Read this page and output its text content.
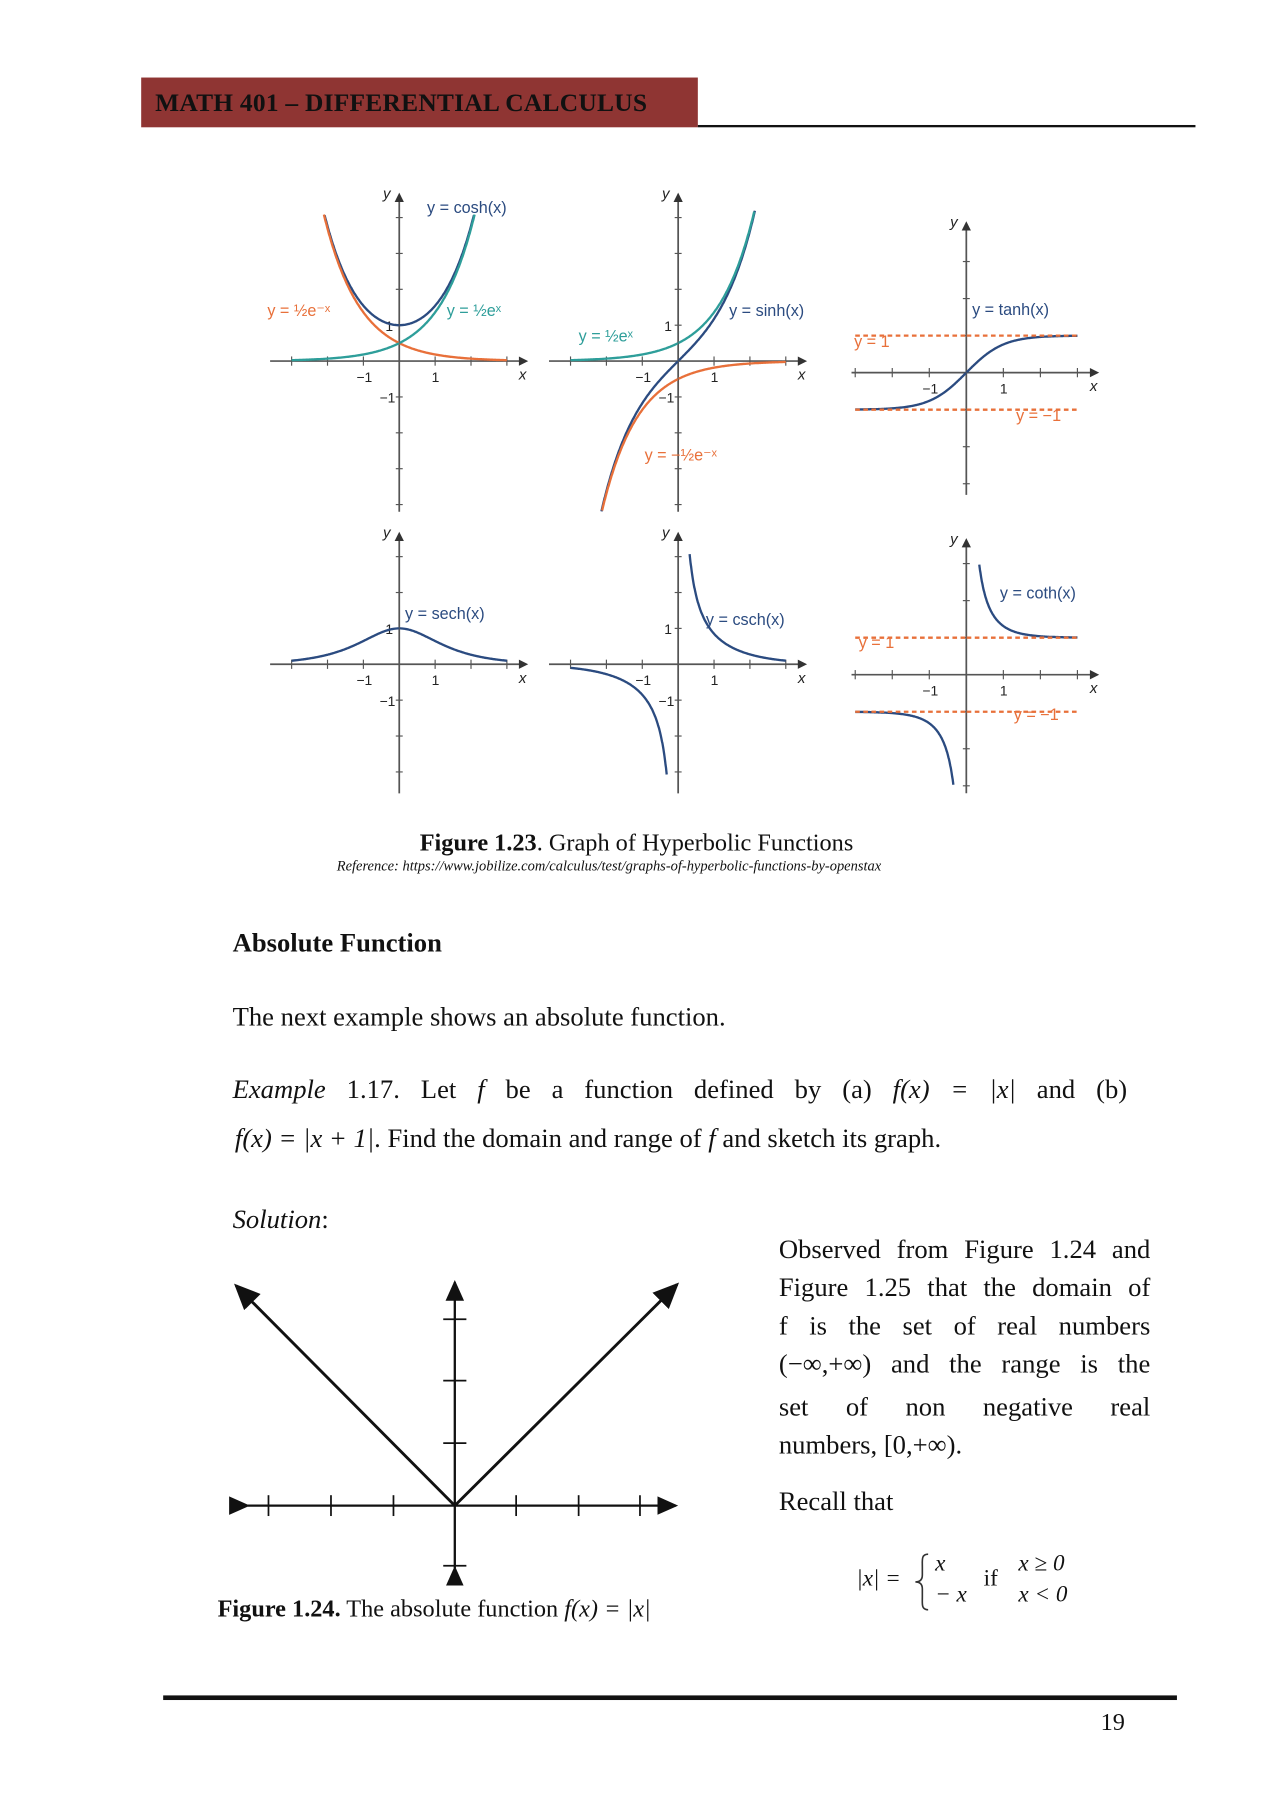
MATH 401 – DIFFERENTIAL CALCULUS
−1	1
1
−1
x
y
y = cosh(x)
y = ½e⁻ˣ	y = ½eˣ
−1	1
1
−1
x
y
y = sinh(x)
y = ½eˣ
y = −½e⁻ˣ
−1	1	x
y
y = tanh(x)
y = 1
y = −1
−1	1
1
−1
x
y
y = sech(x)
−1	1
1
−1
x
y
y = csch(x)
−1	1	x
y
y = coth(x)
y = 1
y = −1
Figure 1.23. Graph of Hyperbolic Functions
Reference: https://www.jobilize.com/calculus/test/graphs-of-hyperbolic-functions-by-openstax
Absolute Function
The next example shows an absolute function.
Example 1.17. Let f be a function defined by (a) f(x) = |x| and (b)
f(x) = |x + 1|. Find the domain and range of f and sketch its graph.
Solution:
Observed from Figure 1.24 and
Figure 1.25 that the domain of
f is the set of real numbers
(−∞,+∞) and the range is the
set of non negative real
numbers, [0,+∞).
Recall that
|x| =
x
− x
if
x ≥ 0
x < 0
Figure 1.24. The absolute function f(x) = |x|
19
